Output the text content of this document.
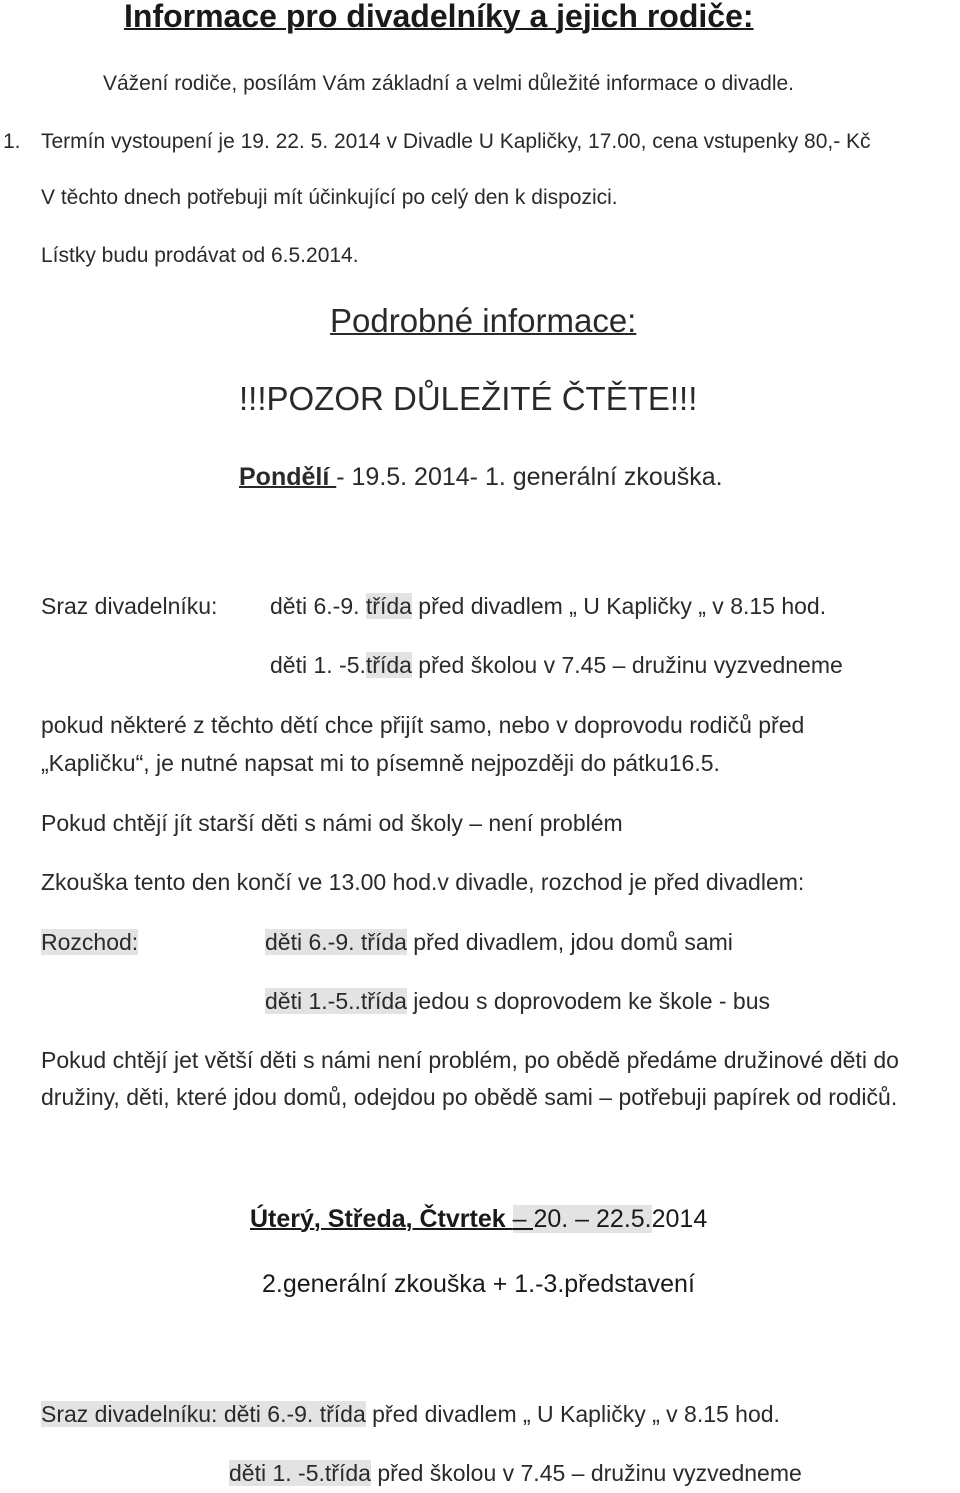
Informace pro divadelníky a jejich rodiče:
Vážení rodiče, posílám Vám základní a velmi důležité informace o divadle.
1. Termín vystoupení je 19. 22. 5. 2014 v Divadle U Kapličky, 17.00, cena vstupenky 80,- Kč
V těchto dnech potřebuji mít účinkující po celý den k dispozici.
Lístky budu prodávat od 6.5.2014.
Podrobné informace:
!!!POZOR DŮLEŽITÉ ČTĚTE!!!
Pondělí - 19.5. 2014- 1. generální zkouška.
Sraz divadelníku: děti 6.-9. třída před divadlem „ U Kapličky „ v 8.15 hod.
děti 1. -5.třída před školou v 7.45 – družinu vyzvedneme
pokud některé z těchto dětí chce přijít samo, nebo v doprovodu rodičů před
„Kapličku“, je nutné napsat mi to písemně nejpozději do pátku16.5.
Pokud chtějí jít starší děti s námi od školy – není problém
Zkouška tento den končí ve 13.00 hod.v divadle, rozchod je před divadlem:
Rozchod:	děti 6.-9. třída před divadlem, jdou domů sami
děti 1.-5..třída jedou s doprovodem ke škole - bus
Pokud chtějí jet větší děti s námi není problém, po obědě předáme družinové děti do
družiny, děti, které jdou domů, odejdou po obědě sami – potřebuji papírek od rodičů.
Úterý, Středa, Čtvrtek – 20. – 22.5.2014
2.generální zkouška + 1.-3.představení
Sraz divadelníku: děti 6.-9. třída před divadlem „ U Kapličky „ v 8.15 hod.
děti 1. -5.třída před školou v 7.45 – družinu vyzvedneme
